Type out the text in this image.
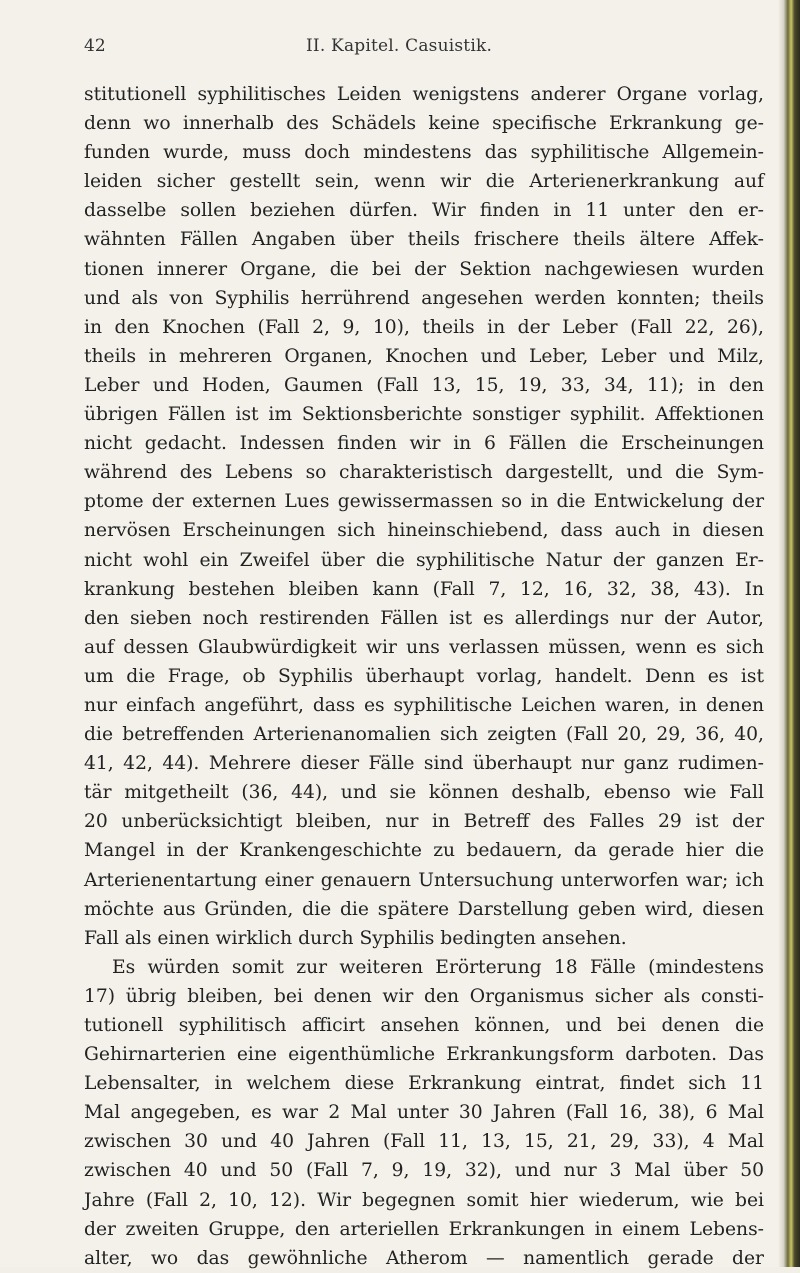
42	II. Kapitel. Casuistik.
stitutionell syphilitisches Leiden wenigstens anderer Organe vorlag,
denn wo innerhalb des Schädels keine specifische Erkrankung ge-
funden wurde, muss doch mindestens das syphilitische Allgemein-
leiden sicher gestellt sein, wenn wir die Arterienerkrankung auf
dasselbe sollen beziehen dürfen. Wir finden in 11 unter den er-
wähnten Fällen Angaben über theils frischere theils ältere Affek-
tionen innerer Organe, die bei der Sektion nachgewiesen wurden
und als von Syphilis herrührend angesehen werden konnten; theils
in den Knochen (Fall 2, 9, 10), theils in der Leber (Fall 22, 26),
theils in mehreren Organen, Knochen und Leber, Leber und Milz,
Leber und Hoden, Gaumen (Fall 13, 15, 19, 33, 34, 11); in den
übrigen Fällen ist im Sektionsberichte sonstiger syphilit. Affektionen
nicht gedacht. Indessen finden wir in 6 Fällen die Erscheinungen
während des Lebens so charakteristisch dargestellt, und die Sym-
ptome der externen Lues gewissermassen so in die Entwickelung der
nervösen Erscheinungen sich hineinschiebend, dass auch in diesen
nicht wohl ein Zweifel über die syphilitische Natur der ganzen Er-
krankung bestehen bleiben kann (Fall 7, 12, 16, 32, 38, 43). In
den sieben noch restirenden Fällen ist es allerdings nur der Autor,
auf dessen Glaubwürdigkeit wir uns verlassen müssen, wenn es sich
um die Frage, ob Syphilis überhaupt vorlag, handelt. Denn es ist
nur einfach angeführt, dass es syphilitische Leichen waren, in denen
die betreffenden Arterienanomalien sich zeigten (Fall 20, 29, 36, 40,
41, 42, 44). Mehrere dieser Fälle sind überhaupt nur ganz rudimen-
tär mitgetheilt (36, 44), und sie können deshalb, ebenso wie Fall
20 unberücksichtigt bleiben, nur in Betreff des Falles 29 ist der
Mangel in der Krankengeschichte zu bedauern, da gerade hier die
Arterienentartung einer genauern Untersuchung unterworfen war; ich
möchte aus Gründen, die die spätere Darstellung geben wird, diesen
Fall als einen wirklich durch Syphilis bedingten ansehen.
Es würden somit zur weiteren Erörterung 18 Fälle (mindestens
17) übrig bleiben, bei denen wir den Organismus sicher als consti-
tutionell syphilitisch afficirt ansehen können, und bei denen die
Gehirnarterien eine eigenthümliche Erkrankungsform darboten. Das
Lebensalter, in welchem diese Erkrankung eintrat, findet sich 11
Mal angegeben, es war 2 Mal unter 30 Jahren (Fall 16, 38), 6 Mal
zwischen 30 und 40 Jahren (Fall 11, 13, 15, 21, 29, 33), 4 Mal
zwischen 40 und 50 (Fall 7, 9, 19, 32), und nur 3 Mal über 50
Jahre (Fall 2, 10, 12). Wir begegnen somit hier wiederum, wie bei
der zweiten Gruppe, den arteriellen Erkrankungen in einem Lebens-
alter, wo das gewöhnliche Atherom — namentlich gerade der
